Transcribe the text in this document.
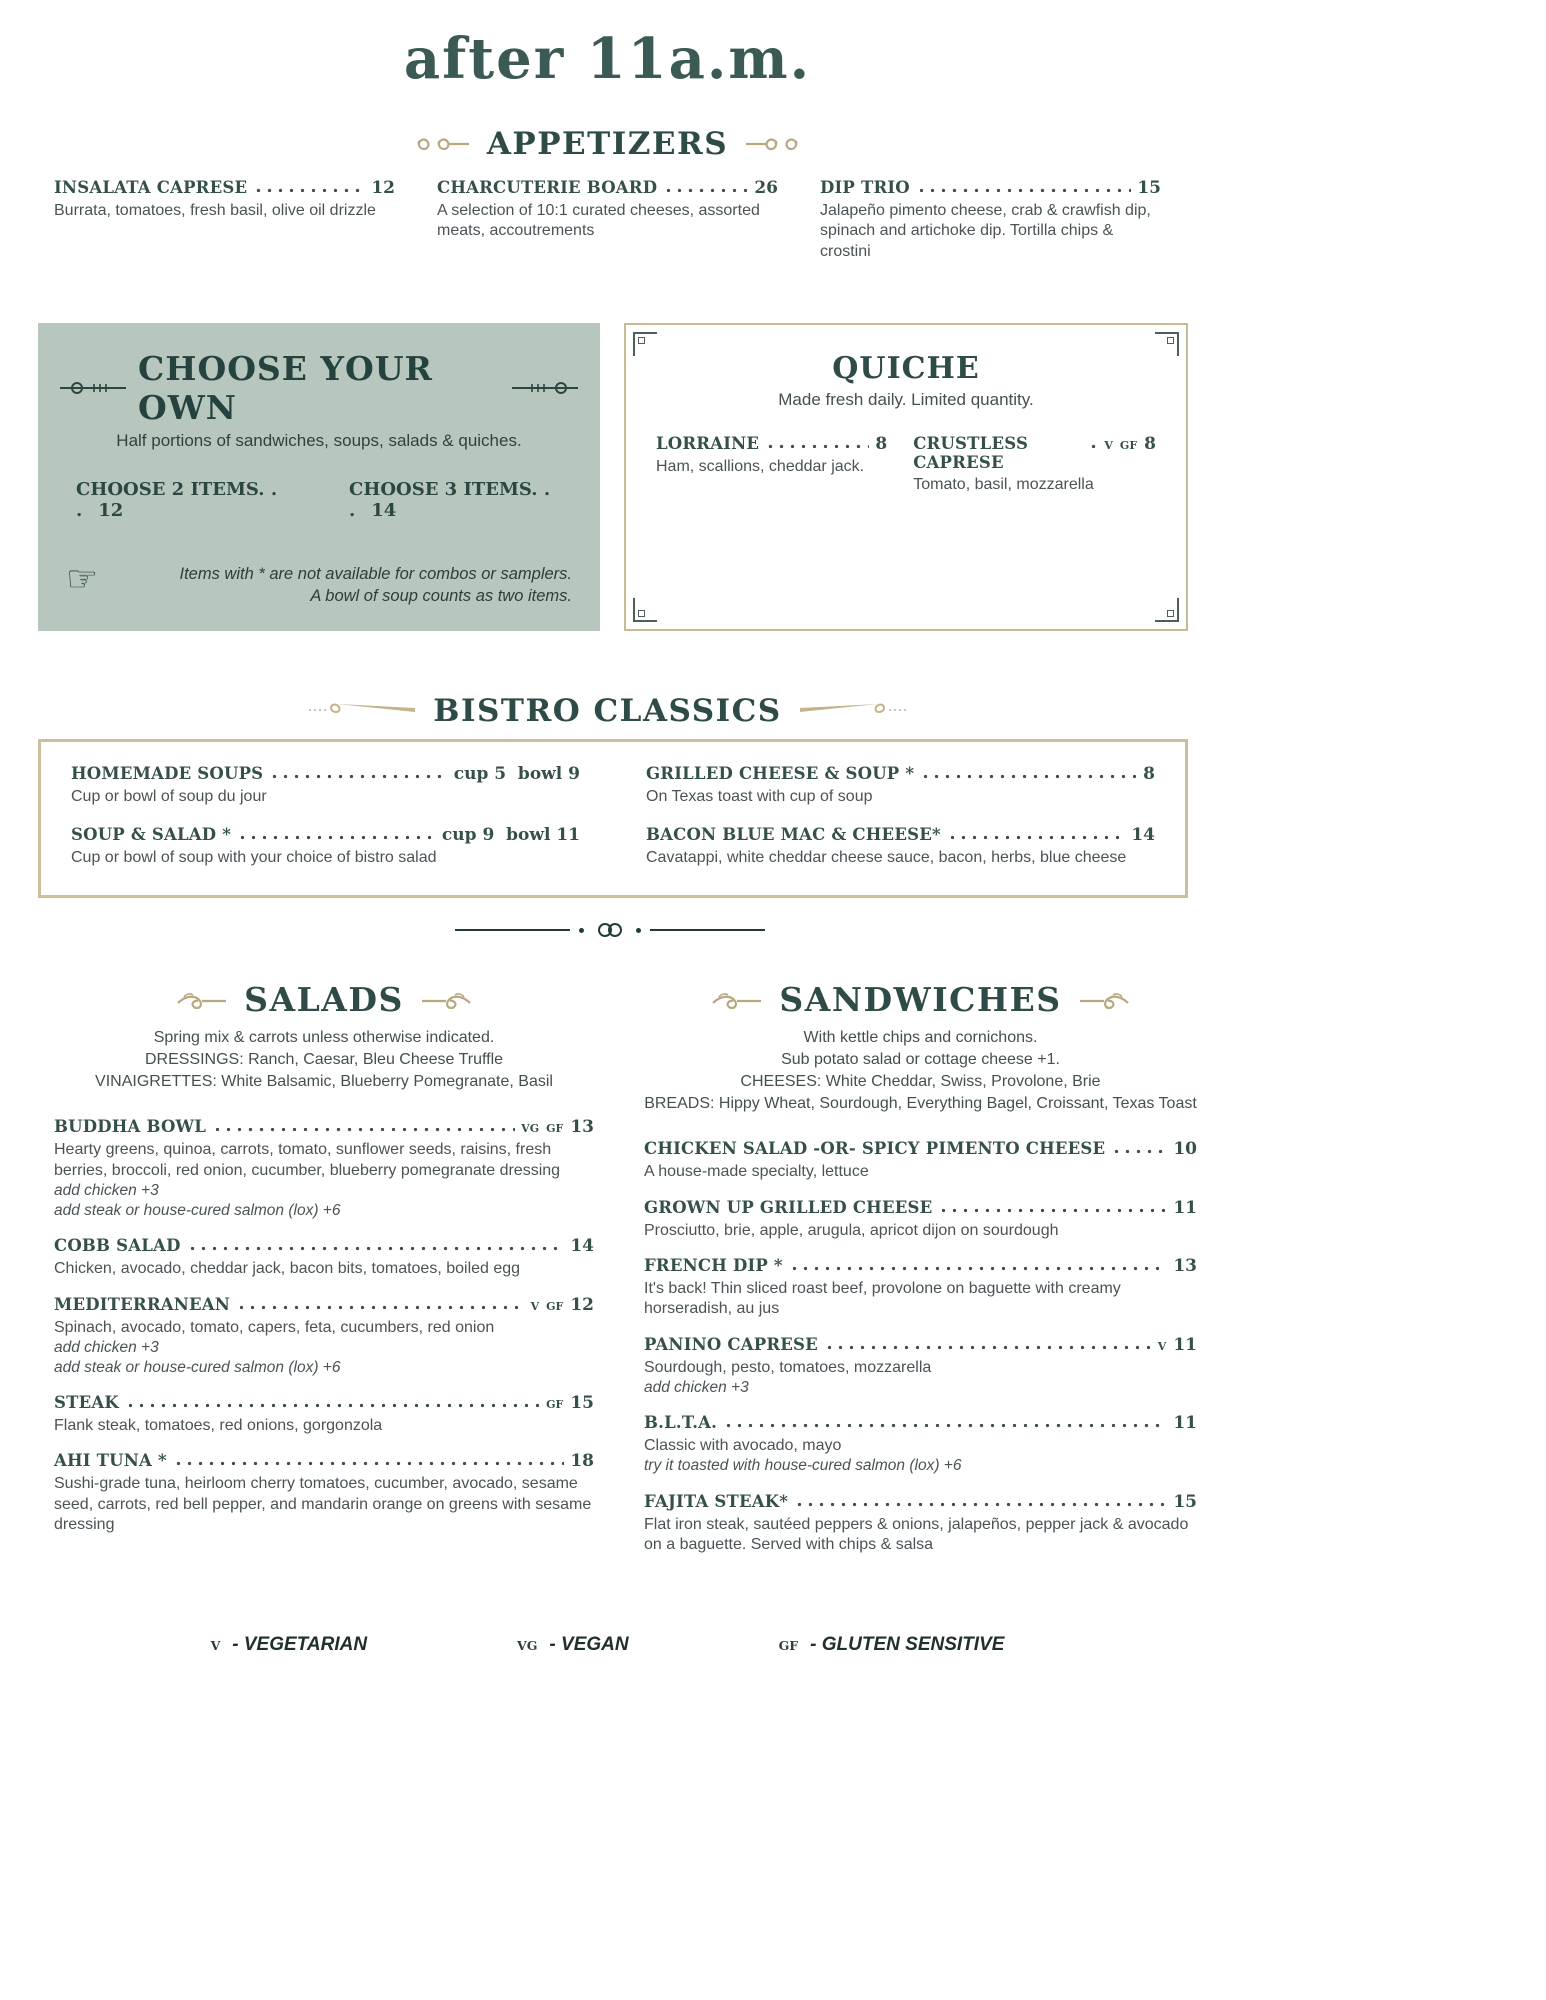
after 11a.m.
APPETIZERS
INSALATA CAPRESE	12
Burrata, tomatoes, fresh basil, olive oil drizzle
CHARCUTERIE BOARD	26
A selection of 10:1 curated cheeses, assorted meats, accoutrements
DIP TRIO	15
Jalapeño pimento cheese, crab & crawfish dip, spinach and artichoke dip. Tortilla chips & crostini
CHOOSE YOUR OWN
Half portions of sandwiches, soups, salads & quiches.
CHOOSE 2 ITEMS. . . 12
CHOOSE 3 ITEMS. . . 14
☞	Items with * are not available for combos or samplers.
A bowl of soup counts as two items.
QUICHE
Made fresh daily. Limited quantity.
LORRAINE	8
Ham, scallions, cheddar jack.
CRUSTLESS CAPRESE
V GF 8
Tomato, basil, mozzarella
BISTRO CLASSICS
HOMEMADE SOUPS	cup 5  bowl 9
Cup or bowl of soup du jour
SOUP & SALAD *	cup 9  bowl 11
Cup or bowl of soup with your choice of bistro salad
GRILLED CHEESE & SOUP *	8
On Texas toast with cup of soup
BACON BLUE MAC & CHEESE*	14
Cavatappi, white cheddar cheese sauce, bacon, herbs, blue cheese
SALADS
Spring mix & carrots unless otherwise indicated.
DRESSINGS: Ranch, Caesar, Bleu Cheese Truffle
VINAIGRETTES: White Balsamic, Blueberry Pomegranate, Basil
BUDDHA BOWL	VG GF 13
Hearty greens, quinoa, carrots, tomato, sunflower seeds, raisins, fresh berries, broccoli, red onion, cucumber, blueberry pomegranate dressing
add chicken +3
add steak or house-cured salmon (lox) +6
COBB SALAD	14
Chicken, avocado, cheddar jack, bacon bits, tomatoes, boiled egg
MEDITERRANEAN	V GF 12
Spinach, avocado, tomato, capers, feta, cucumbers, red onion
add chicken +3
add steak or house-cured salmon (lox) +6
STEAK	GF 15
Flank steak, tomatoes, red onions, gorgonzola
AHI TUNA *	18
Sushi-grade tuna, heirloom cherry tomatoes, cucumber, avocado, sesame seed, carrots, red bell pepper, and mandarin orange on greens with sesame dressing
SANDWICHES
With kettle chips and cornichons.
Sub potato salad or cottage cheese +1.
CHEESES: White Cheddar, Swiss, Provolone, Brie
BREADS: Hippy Wheat, Sourdough, Everything Bagel, Croissant, Texas Toast
CHICKEN SALAD -OR- SPICY PIMENTO CHEESE	10
A house-made specialty, lettuce
GROWN UP GRILLED CHEESE	11
Prosciutto, brie, apple, arugula, apricot dijon on sourdough
FRENCH DIP *	13
It's back! Thin sliced roast beef, provolone on baguette with creamy horseradish, au jus
PANINO CAPRESE	V 11
Sourdough, pesto, tomatoes, mozzarella
add chicken +3
B.L.T.A.	11
Classic with avocado, mayo
try it toasted with house-cured salmon (lox) +6
FAJITA STEAK*	15
Flat iron steak, sautéed peppers & onions, jalapeños, pepper jack & avocado on a baguette. Served with chips & salsa
V - VEGETARIAN	VG - VEGAN	GF - GLUTEN SENSITIVE
